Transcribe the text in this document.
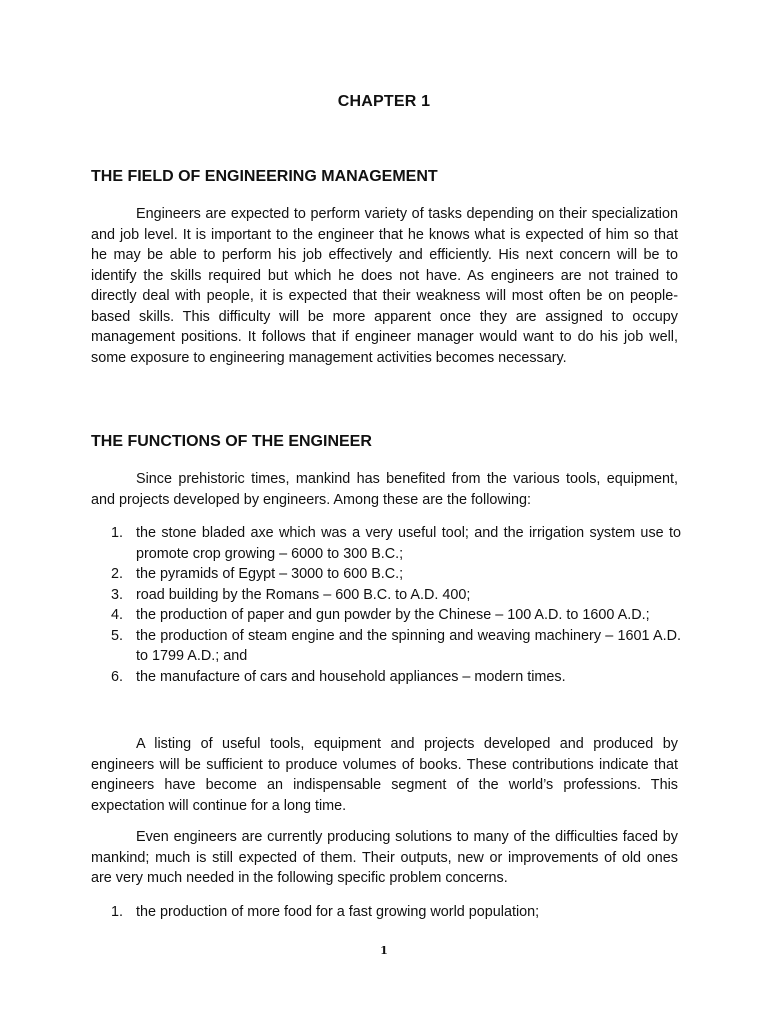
CHAPTER 1
THE FIELD OF ENGINEERING MANAGEMENT

Engineers are expected to perform variety of tasks depending on their specialization and job level. It is important to the engineer that he knows what is expected of him so that he may be able to perform his job effectively and efficiently. His next concern will be to identify the skills required but which he does not have. As engineers are not trained to directly deal with people, it is expected that their weakness will most often be on people-based skills. This difficulty will be more apparent once they are assigned to occupy management positions. It follows that if engineer manager would want to do his job well, some exposure to engineering management activities becomes necessary.

THE FUNCTIONS OF THE ENGINEER

Since prehistoric times, mankind has benefited from the various tools, equipment, and projects developed by engineers. Among these are the following:

1. the stone bladed axe which was a very useful tool; and the irrigation system use to promote crop growing – 6000 to 300 B.C.;
2. the pyramids of Egypt – 3000 to 600 B.C.;
3. road building by the Romans – 600 B.C. to A.D. 400;
4. the production of paper and gun powder by the Chinese – 100 A.D. to 1600 A.D.;
5. the production of steam engine and the spinning and weaving machinery – 1601 A.D. to 1799 A.D.; and
6. the manufacture of cars and household appliances – modern times.

A listing of useful tools, equipment and projects developed and produced by engineers will be sufficient to produce volumes of books. These contributions indicate that engineers have become an indispensable segment of the world’s professions. This expectation will continue for a long time.

Even engineers are currently producing solutions to many of the difficulties faced by mankind; much is still expected of them. Their outputs, new or improvements of old ones are very much needed in the following specific problem concerns.

1. the production of more food for a fast growing world population;
1
